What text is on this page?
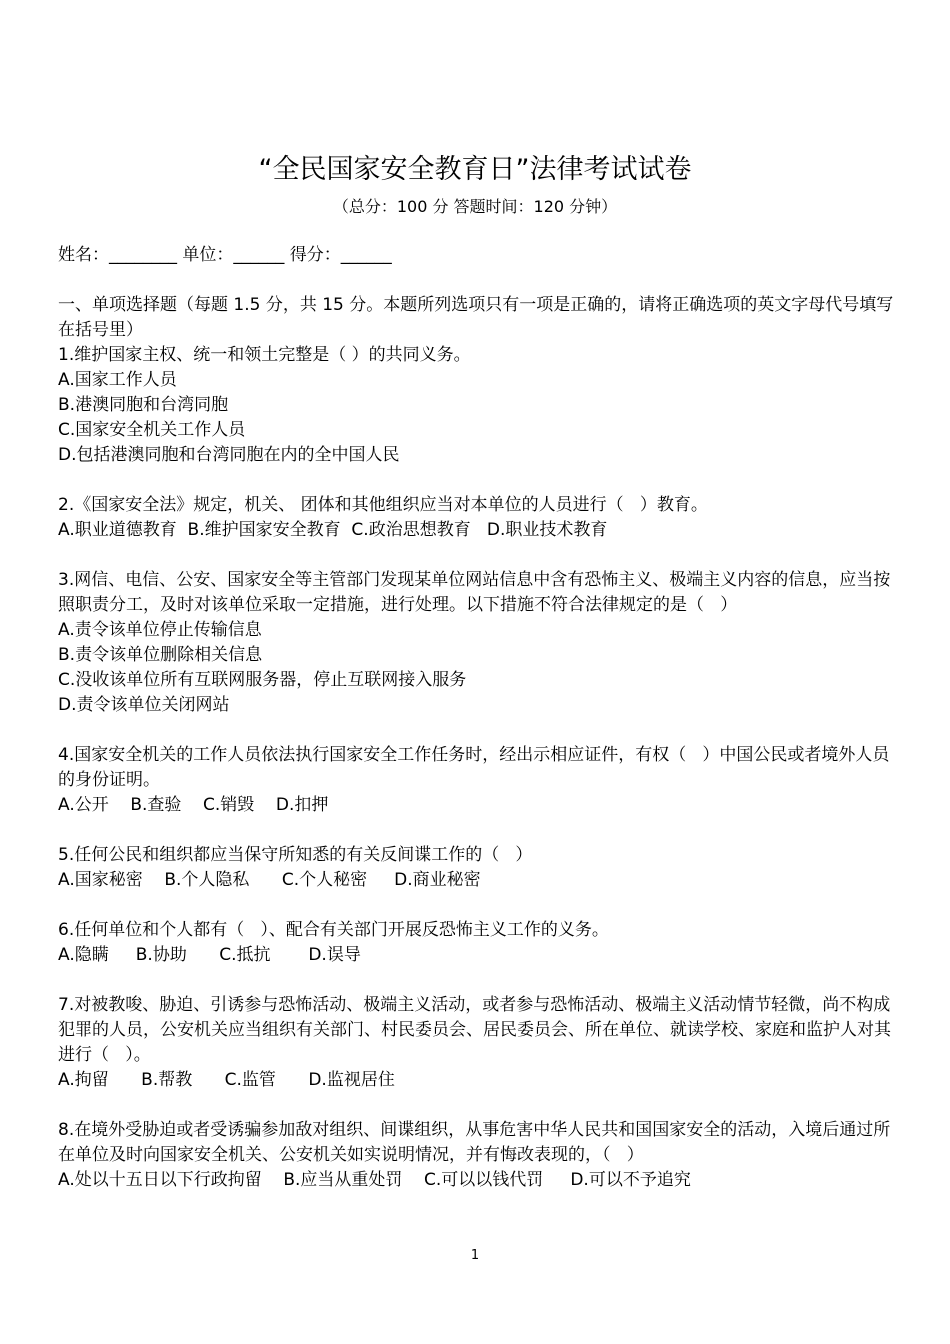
“全民国家安全教育日”法律考试试卷
（总分：100 分 答题时间：120 分钟）
姓名：________ 单位：______ 得分：______
一、单项选择题（每题 1.5 分，共 15 分。本题所列选项只有一项是正确的，请将正确选项的英文字母代号填写在括号里）
1.维护国家主权、统一和领土完整是（ ）的共同义务。
A.国家工作人员
B.港澳同胞和台湾同胞
C.国家安全机关工作人员
D.包括港澳同胞和台湾同胞在内的全中国人民
2.《国家安全法》规定，机关、 团体和其他组织应当对本单位的人员进行（   ）教育。
A.职业道德教育  B.维护国家安全教育  C.政治思想教育   D.职业技术教育
3.网信、电信、公安、国家安全等主管部门发现某单位网站信息中含有恐怖主义、极端主义内容的信息，应当按照职责分工，及时对该单位采取一定措施，进行处理。以下措施不符合法律规定的是（   ）
A.责令该单位停止传输信息
B.责令该单位删除相关信息
C.没收该单位所有互联网服务器，停止互联网接入服务
D.责令该单位关闭网站
4.国家安全机关的工作人员依法执行国家安全工作任务时，经出示相应证件，有权（   ）中国公民或者境外人员的身份证明。
A.公开    B.查验    C.销毁    D.扣押
5.任何公民和组织都应当保守所知悉的有关反间谍工作的（   ）
A.国家秘密    B.个人隐私      C.个人秘密     D.商业秘密
6.任何单位和个人都有（   ）、配合有关部门开展反恐怖主义工作的义务。
A.隐瞒     B.协助      C.抵抗       D.误导
7.对被教唆、胁迫、引诱参与恐怖活动、极端主义活动，或者参与恐怖活动、极端主义活动情节轻微，尚不构成犯罪的人员，公安机关应当组织有关部门、村民委员会、居民委员会、所在单位、就读学校、家庭和监护人对其进行（   ）。
A.拘留      B.帮教      C.监管      D.监视居住
8.在境外受胁迫或者受诱骗参加敌对组织、间谍组织，从事危害中华人民共和国国家安全的活动，入境后通过所在单位及时向国家安全机关、公安机关如实说明情况，并有悔改表现的，（   ）
A.处以十五日以下行政拘留    B.应当从重处罚    C.可以以钱代罚     D.可以不予追究
1
